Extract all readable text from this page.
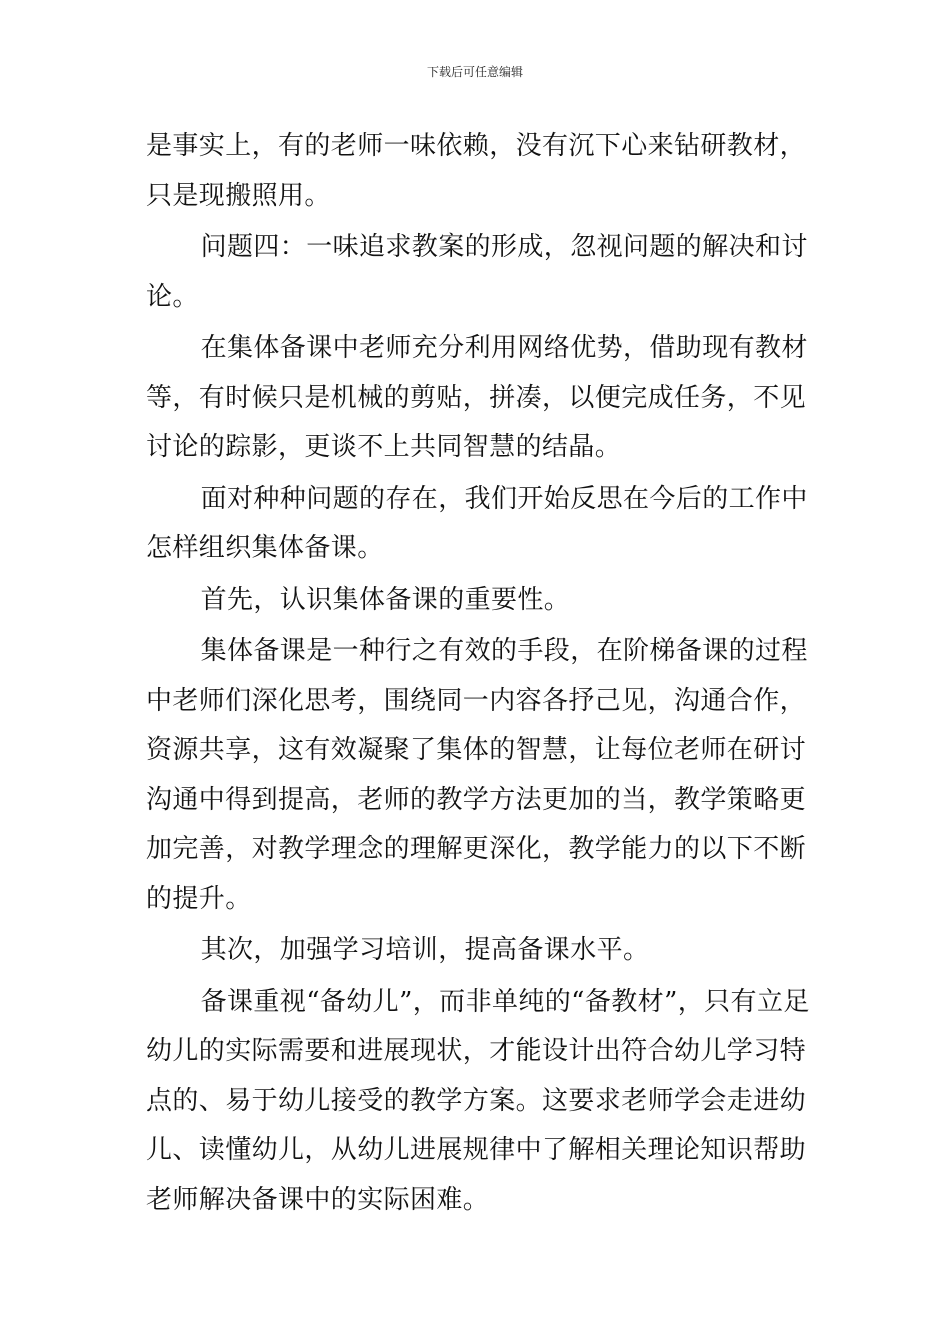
下载后可任意编辑

是事实上，有的老师一味依赖，没有沉下心来钻研教材，只是现搬照用。

问题四：一味追求教案的形成，忽视问题的解决和讨论。

在集体备课中老师充分利用网络优势，借助现有教材等，有时候只是机械的剪贴，拼凑，以便完成任务，不见讨论的踪影，更谈不上共同智慧的结晶。

面对种种问题的存在，我们开始反思在今后的工作中怎样组织集体备课。

首先，认识集体备课的重要性。

集体备课是一种行之有效的手段，在阶梯备课的过程中老师们深化思考，围绕同一内容各抒己见，沟通合作，资源共享，这有效凝聚了集体的智慧，让每位老师在研讨沟通中得到提高，老师的教学方法更加的当，教学策略更加完善，对教学理念的理解更深化，教学能力的以下不断的提升。

其次，加强学习培训，提高备课水平。

备课重视“备幼儿”，而非单纯的“备教材”，只有立足幼儿的实际需要和进展现状，才能设计出符合幼儿学习特点的、易于幼儿接受的教学方案。这要求老师学会走进幼儿、读懂幼儿，从幼儿进展规律中了解相关理论知识帮助老师解决备课中的实际困难。
